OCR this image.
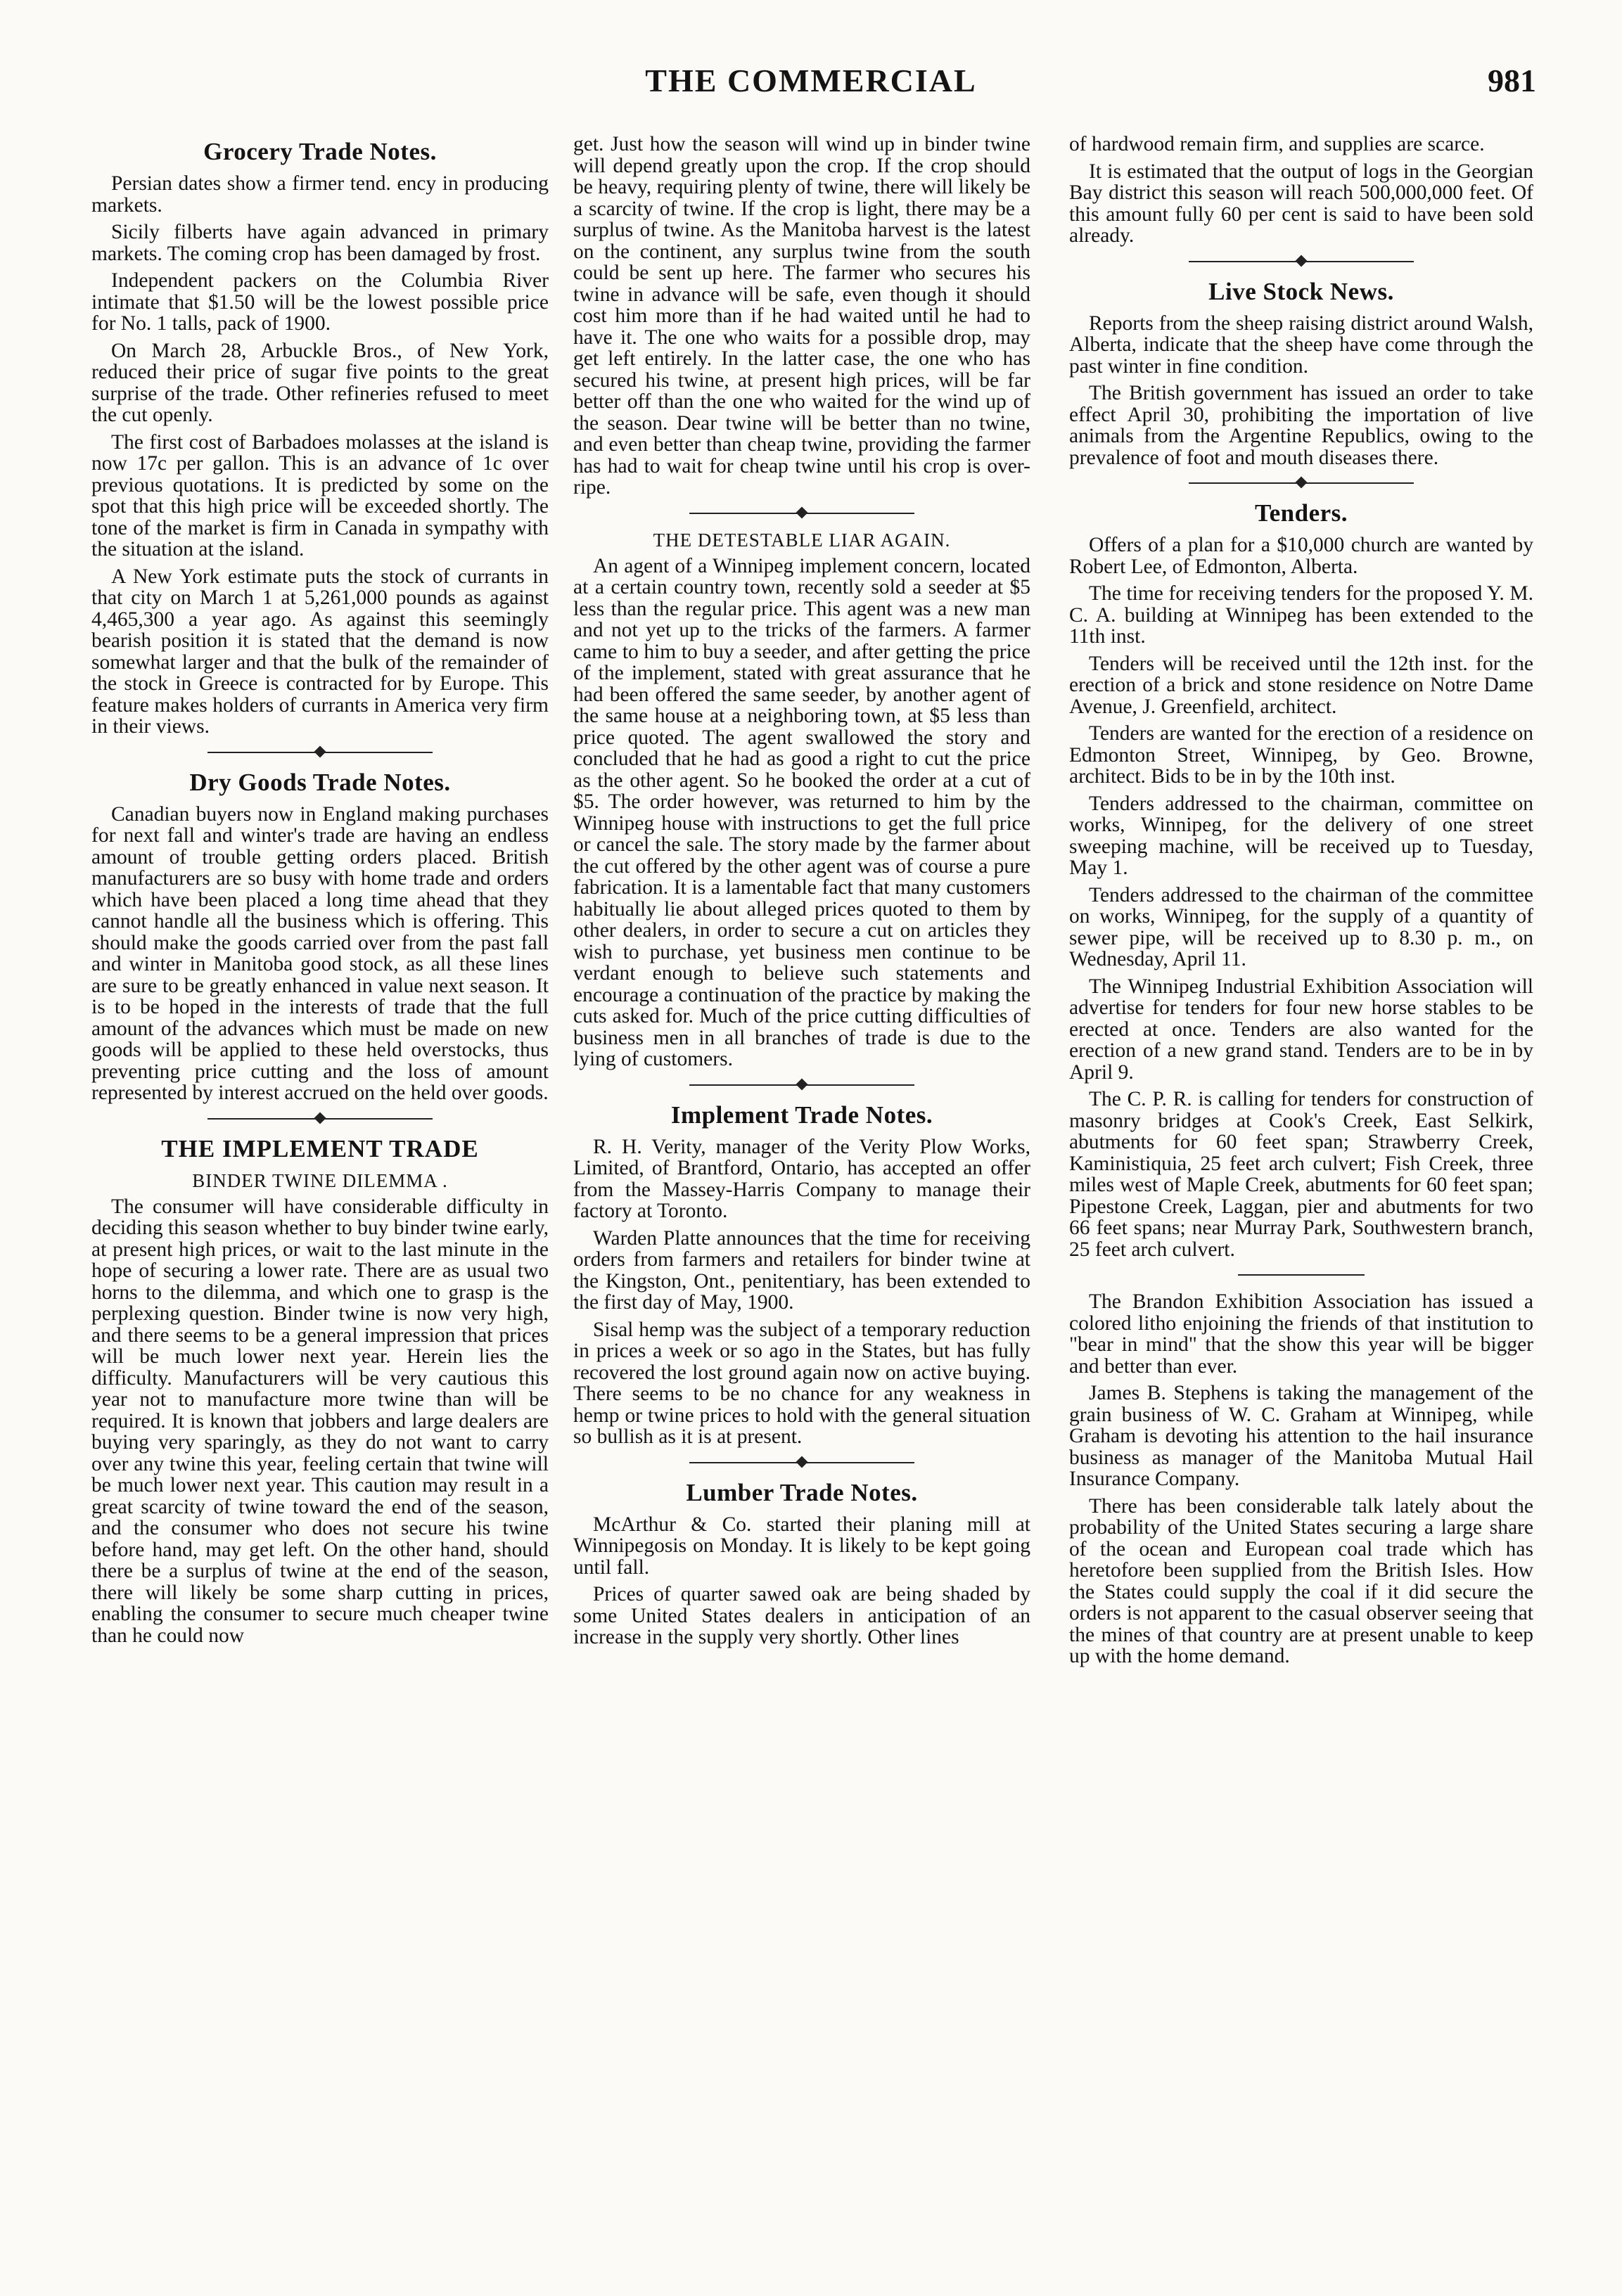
THE COMMERCIAL	981
Grocery Trade Notes.

Persian dates show a firmer tend. ency in producing markets.

Sicily filberts have again advanced in primary markets. The coming crop has been damaged by frost.

Independent packers on the Columbia River intimate that $1.50 will be the lowest possible price for No. 1 talls, pack of 1900.

On March 28, Arbuckle Bros., of New York, reduced their price of sugar five points to the great surprise of the trade. Other refineries refused to meet the cut openly.

The first cost of Barbadoes molasses at the island is now 17c per gallon. This is an advance of 1c over previous quotations. It is predicted by some on the spot that this high price will be exceeded shortly. The tone of the market is firm in Canada in sympathy with the situation at the island.

A New York estimate puts the stock of currants in that city on March 1 at 5,261,000 pounds as against 4,465,300 a year ago. As against this seemingly bearish position it is stated that the demand is now somewhat larger and that the bulk of the remainder of the stock in Greece is contracted for by Europe. This feature makes holders of currants in America very firm in their views.

Dry Goods Trade Notes.

Canadian buyers now in England making purchases for next fall and winter's trade are having an endless amount of trouble getting orders placed. British manufacturers are so busy with home trade and orders which have been placed a long time ahead that they cannot handle all the business which is offering. This should make the goods carried over from the past fall and winter in Manitoba good stock, as all these lines are sure to be greatly enhanced in value next season. It is to be hoped in the interests of trade that the full amount of the advances which must be made on new goods will be applied to these held overstocks, thus preventing price cutting and the loss of amount represented by interest accrued on the held over goods.

THE IMPLEMENT TRADE
BINDER TWINE DILEMMA .

The consumer will have considerable difficulty in deciding this season whether to buy binder twine early, at present high prices, or wait to the last minute in the hope of securing a lower rate. There are as usual two horns to the dilemma, and which one to grasp is the perplexing question. Binder twine is now very high, and there seems to be a general impression that prices will be much lower next year. Herein lies the difficulty. Manufacturers will be very cautious this year not to manufacture more twine than will be required. It is known that jobbers and large dealers are buying very sparingly, as they do not want to carry over any twine this year, feeling certain that twine will be much lower next year. This caution may result in a great scarcity of twine toward the end of the season, and the consumer who does not secure his twine before hand, may get left. On the other hand, should there be a surplus of twine at the end of the season, there will likely be some sharp cutting in prices, enabling the consumer to secure much cheaper twine than he could now

get. Just how the season will wind up in binder twine will depend greatly upon the crop. If the crop should be heavy, requiring plenty of twine, there will likely be a scarcity of twine. If the crop is light, there may be a surplus of twine. As the Manitoba harvest is the latest on the continent, any surplus twine from the south could be sent up here. The farmer who secures his twine in advance will be safe, even though it should cost him more than if he had waited until he had to have it. The one who waits for a possible drop, may get left entirely. In the latter case, the one who has secured his twine, at present high prices, will be far better off than the one who waited for the wind up of the season. Dear twine will be better than no twine, and even better than cheap twine, providing the farmer has had to wait for cheap twine until his crop is over-ripe.

THE DETESTABLE LIAR AGAIN.

An agent of a Winnipeg implement concern, located at a certain country town, recently sold a seeder at $5 less than the regular price. This agent was a new man and not yet up to the tricks of the farmers. A farmer came to him to buy a seeder, and after getting the price of the implement, stated with great assurance that he had been offered the same seeder, by another agent of the same house at a neighboring town, at $5 less than price quoted. The agent swallowed the story and concluded that he had as good a right to cut the price as the other agent. So he booked the order at a cut of $5. The order however, was returned to him by the Winnipeg house with instructions to get the full price or cancel the sale. The story made by the farmer about the cut offered by the other agent was of course a pure fabrication. It is a lamentable fact that many customers habitually lie about alleged prices quoted to them by other dealers, in order to secure a cut on articles they wish to purchase, yet business men continue to be verdant enough to believe such statements and encourage a continuation of the practice by making the cuts asked for. Much of the price cutting difficulties of business men in all branches of trade is due to the lying of customers.

Implement Trade Notes.

R. H. Verity, manager of the Verity Plow Works, Limited, of Brantford, Ontario, has accepted an offer from the Massey-Harris Company to manage their factory at Toronto.

Warden Platte announces that the time for receiving orders from farmers and retailers for binder twine at the Kingston, Ont., penitentiary, has been extended to the first day of May, 1900.

Sisal hemp was the subject of a temporary reduction in prices a week or so ago in the States, but has fully recovered the lost ground again now on active buying. There seems to be no chance for any weakness in hemp or twine prices to hold with the general situation so bullish as it is at present.

Lumber Trade Notes.

McArthur & Co. started their planing mill at Winnipegosis on Monday. It is likely to be kept going until fall.

Prices of quarter sawed oak are being shaded by some United States dealers in anticipation of an increase in the supply very shortly. Other lines

of hardwood remain firm, and supplies are scarce.

It is estimated that the output of logs in the Georgian Bay district this season will reach 500,000,000 feet. Of this amount fully 60 per cent is said to have been sold already.

Live Stock News.

Reports from the sheep raising district around Walsh, Alberta, indicate that the sheep have come through the past winter in fine condition.

The British government has issued an order to take effect April 30, prohibiting the importation of live animals from the Argentine Republics, owing to the prevalence of foot and mouth diseases there.

Tenders.

Offers of a plan for a $10,000 church are wanted by Robert Lee, of Edmonton, Alberta.

The time for receiving tenders for the proposed Y. M. C. A. building at Winnipeg has been extended to the 11th inst.

Tenders will be received until the 12th inst. for the erection of a brick and stone residence on Notre Dame Avenue, J. Greenfield, architect.

Tenders are wanted for the erection of a residence on Edmonton Street, Winnipeg, by Geo. Browne, architect. Bids to be in by the 10th inst.

Tenders addressed to the chairman, committee on works, Winnipeg, for the delivery of one street sweeping machine, will be received up to Tuesday, May 1.

Tenders addressed to the chairman of the committee on works, Winnipeg, for the supply of a quantity of sewer pipe, will be received up to 8.30 p. m., on Wednesday, April 11.

The Winnipeg Industrial Exhibition Association will advertise for tenders for four new horse stables to be erected at once. Tenders are also wanted for the erection of a new grand stand. Tenders are to be in by April 9.

The C. P. R. is calling for tenders for construction of masonry bridges at Cook's Creek, East Selkirk, abutments for 60 feet span; Strawberry Creek, Kaministiquia, 25 feet arch culvert; Fish Creek, three miles west of Maple Creek, abutments for 60 feet span; Pipestone Creek, Laggan, pier and abutments for two 66 feet spans; near Murray Park, Southwestern branch, 25 feet arch culvert.

The Brandon Exhibition Association has issued a colored litho enjoining the friends of that institution to "bear in mind" that the show this year will be bigger and better than ever.

James B. Stephens is taking the management of the grain business of W. C. Graham at Winnipeg, while Graham is devoting his attention to the hail insurance business as manager of the Manitoba Mutual Hail Insurance Company.

There has been considerable talk lately about the probability of the United States securing a large share of the ocean and European coal trade which has heretofore been supplied from the British Isles. How the States could supply the coal if it did secure the orders is not apparent to the casual observer seeing that the mines of that country are at present unable to keep up with the home demand.
